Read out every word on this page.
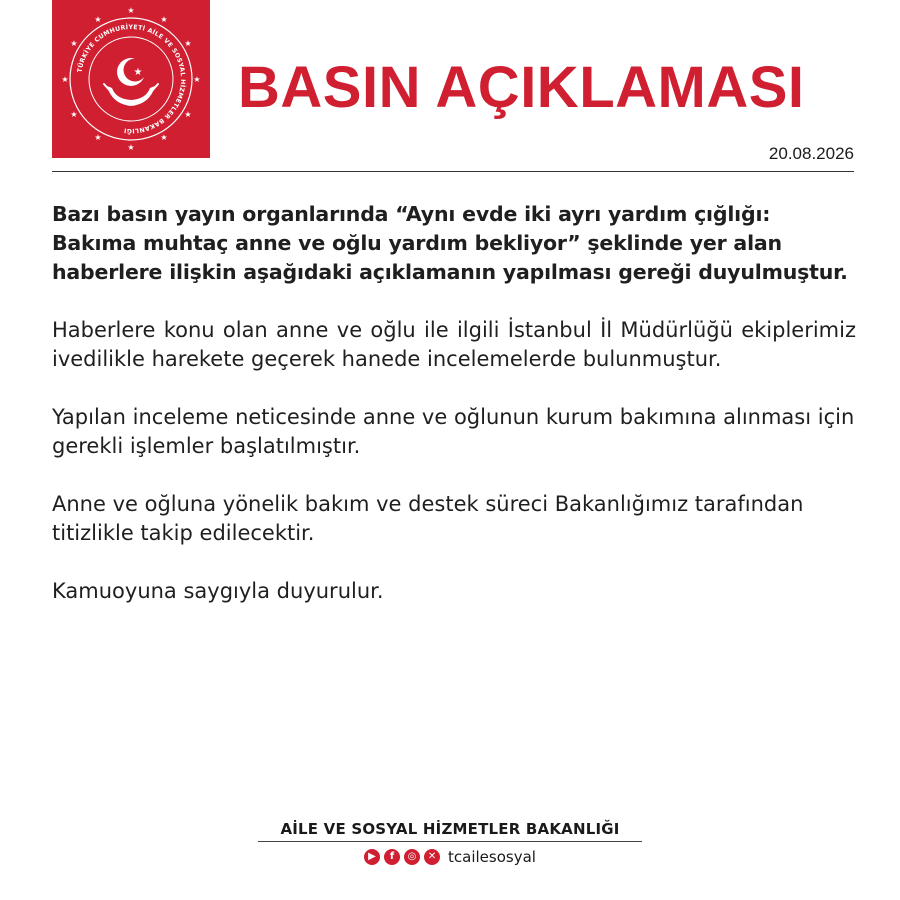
TÜRKİYE CUMHURİYETİ AİLE VE SOSYAL HİZMETLER BAKANLIĞI
★
★
★
★
★
★
★
★
★
★
★
★
★ BASIN AÇIKLAMASI
20.08.2026

Bazı basın yayın organlarında “Aynı evde iki ayrı yardım çığlığı: Bakıma muhtaç anne ve oğlu yardım bekliyor” şeklinde yer alan haberlere ilişkin aşağıdaki açıklamanın yapılması gereği duyulmuştur.

Haberlere konu olan anne ve oğlu ile ilgili İstanbul İl Müdürlüğü ekiplerimiz ivedilikle harekete geçerek hanede incelemelerde bulunmuştur.

Yapılan inceleme neticesinde anne ve oğlunun kurum bakımına alınması için gerekli işlemler başlatılmıştır.

Anne ve oğluna yönelik bakım ve destek süreci Bakanlığımız tarafından titizlikle takip edilecektir.

Kamuoyuna saygıyla duyurulur.

AİLE VE SOSYAL HİZMETLER BAKANLIĞI
▶	f	◎	✕ tcailesosyal
